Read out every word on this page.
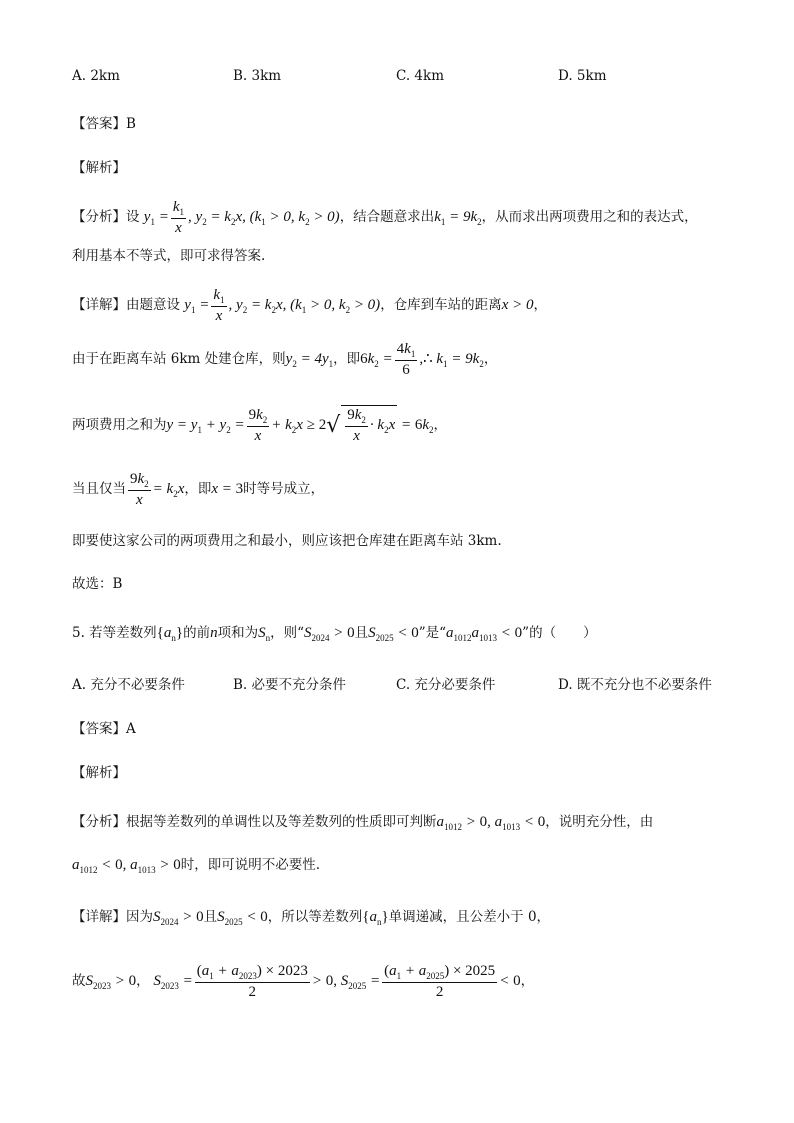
A. 2km	B. 3km	C. 4km	D. 5km
【答案】B
【解析】
【分析】设 $y_1 = \frac{k_1}{x}$ , $y_2 = k_2x$, ($k_1 > 0$, $k_2 > 0$)，结合题意求出$k_1 = 9k_2$，从而求出两项费用之和的表达式，
利用基本不等式，即可求得答案.
【详解】由题意设 $y_1 = \frac{k_1}{x}$ , $y_2 = k_2x$, ($k_1 > 0$, $k_2 > 0$)，仓库到车站的距离x > 0，
由于在距离车站 6km 处建仓库，则$y_2 = 4y_1$，即$6k_2 = \frac{4k_1}{6}$ ,∴ $k_1 = 9k_2$，
两项费用之和为$y = y_1 + y_2 = \frac{9k_2}{x} + k_2x \ge 2√ \frac{9k_2}{x} \cdot k_2x = 6k_2$，
当且仅当 $\frac{9k_2}{x} = k_2x$，即x = 3时等号成立，
即要使这家公司的两项费用之和最小，则应该把仓库建在距离车站 3km.
故选：B
5. 若等差数列$\{a_n\}$的前n项和为$S_n$，则“$S_{2024} > 0$且$S_{2025} < 0$”是“$a_{1012}a_{1013} < 0$”的（　　）
A. 充分不必要条件	B. 必要不充分条件	C. 充分必要条件	D. 既不充分也不必要条件
【答案】A
【解析】
【分析】根据等差数列的单调性以及等差数列的性质即可判断$a_{1012} > 0$, $a_{1013} < 0$，说明充分性，由
$a_{1012} < 0$, $a_{1013} > 0$时，即可说明不必要性.
【详解】因为$S_{2024} > 0$且$S_{2025} < 0$，所以等差数列$\{a_n\}$单调递减，且公差小于 0，
故$S_{2023} > 0$， $S_{2023} = \frac{(a_1 + a_{2023}) \times 2023}{2} > 0$, $S_{2025} = \frac{(a_1 + a_{2025}) \times 2025}{2} < 0$，
